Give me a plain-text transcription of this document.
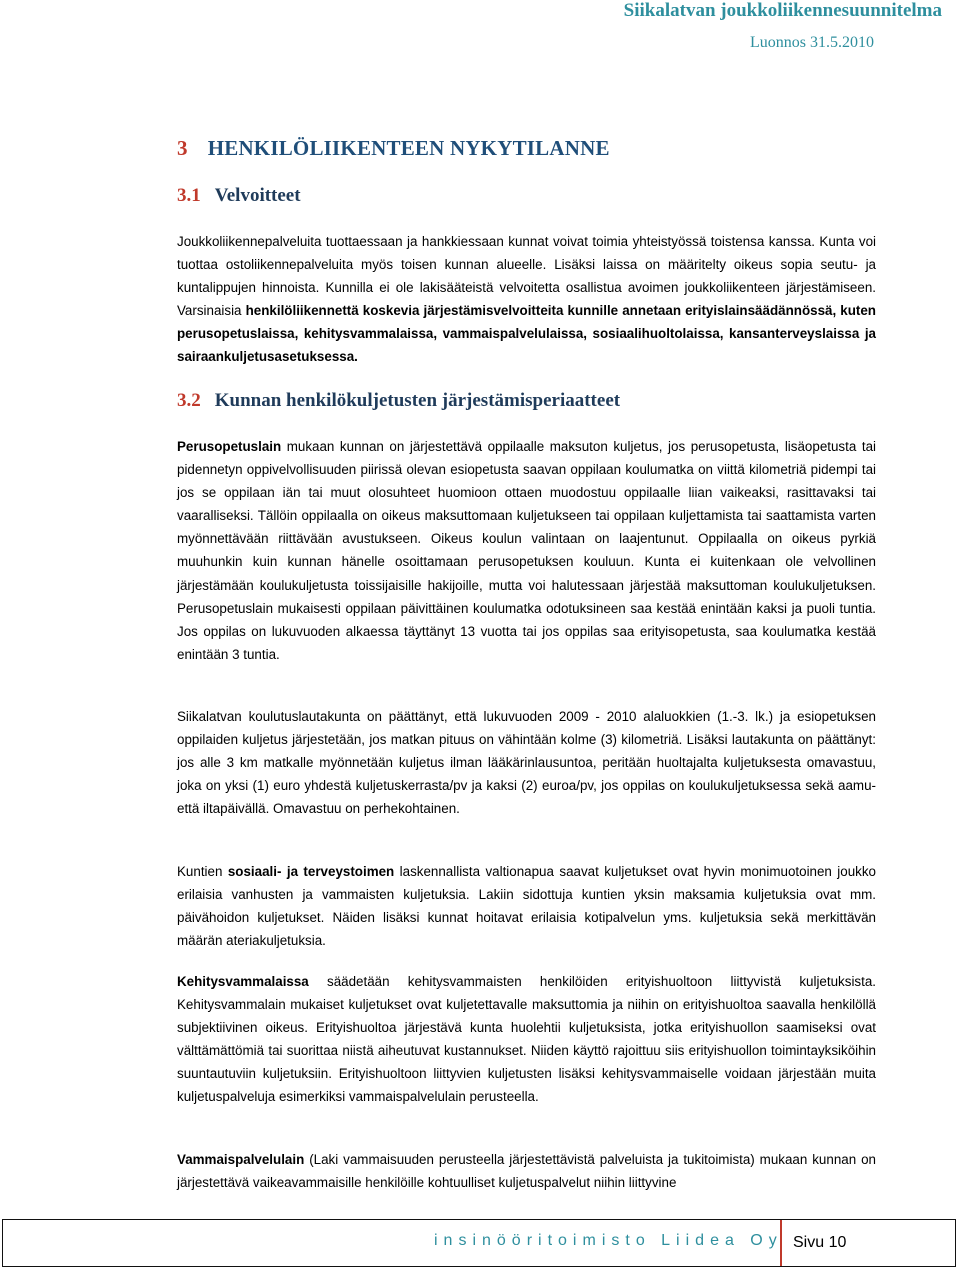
Siikalatvan joukkoliikennesuunnitelma
Luonnos 31.5.2010
3 HENKILÖLIIKENTEEN NYKYTILANNE
3.1 Velvoitteet
Joukkoliikennepalveluita tuottaessaan ja hankkiessaan kunnat voivat toimia yhteistyössä toistensa kanssa. Kunta voi tuottaa ostoliikennepalveluita myös toisen kunnan alueelle. Lisäksi laissa on määritelty oikeus sopia seutu- ja kuntalippujen hinnoista. Kunnilla ei ole lakisääteistä velvoitetta osallistua avoimen joukkoliikenteen järjestämiseen. Varsinaisia henkilöliikennettä koskevia järjestämisvelvoitteita kunnille annetaan erityislainsäädännössä, kuten perusopetuslaissa, kehitysvammalaissa, vammaispalvelulaissa, sosiaalihuoltolaissa, kansanterveyslaissa ja sairaankuljetusasetuksessa.
3.2 Kunnan henkilökuljetusten järjestämisperiaatteet
Perusopetuslain mukaan kunnan on järjestettävä oppilaalle maksuton kuljetus, jos perusopetusta, lisäopetusta tai pidennetyn oppivelvollisuuden piirissä olevan esiopetusta saavan oppilaan koulumatka on viittä kilometriä pidempi tai jos se oppilaan iän tai muut olosuhteet huomioon ottaen muodostuu oppilaalle liian vaikeaksi, rasittavaksi tai vaaralliseksi. Tällöin oppilaalla on oikeus maksuttomaan kuljetukseen tai oppilaan kuljettamista tai saattamista varten myönnettävään riittävään avustukseen. Oikeus koulun valintaan on laajentunut. Oppilaalla on oikeus pyrkiä muuhunkin kuin kunnan hänelle osoittamaan perusopetuksen kouluun. Kunta ei kuitenkaan ole velvollinen järjestämään koulukuljetusta toissijaisille hakijoille, mutta voi halutessaan järjestää maksuttoman koulukuljetuksen. Perusopetuslain mukaisesti oppilaan päivittäinen koulumatka odotuksineen saa kestää enintään kaksi ja puoli tuntia. Jos oppilas on lukuvuoden alkaessa täyttänyt 13 vuotta tai jos oppilas saa erityisopetusta, saa koulumatka kestää enintään 3 tuntia.
Siikalatvan koulutuslautakunta on päättänyt, että lukuvuoden 2009 - 2010 alaluokkien (1.-3. lk.) ja esiopetuksen oppilaiden kuljetus järjestetään, jos matkan pituus on vähintään kolme (3) kilometriä. Lisäksi lautakunta on päättänyt: jos alle 3 km matkalle myönnetään kuljetus ilman lääkärinlausuntoa, peritään huoltajalta kuljetuksesta omavastuu, joka on yksi (1) euro yhdestä kuljetuskerrasta/pv ja kaksi (2) euroa/pv, jos oppilas on koulukuljetuksessa sekä aamu- että iltapäivällä. Omavastuu on perhekohtainen.
Kuntien sosiaali- ja terveystoimen laskennallista valtionapua saavat kuljetukset ovat hyvin monimuotoinen joukko erilaisia vanhusten ja vammaisten kuljetuksia. Lakiin sidottuja kuntien yksin maksamia kuljetuksia ovat mm. päivähoidon kuljetukset. Näiden lisäksi kunnat hoitavat erilaisia kotipalvelun yms. kuljetuksia sekä merkittävän määrän ateriakuljetuksia.
Kehitysvammalaissa säädetään kehitysvammaisten henkilöiden erityishuoltoon liittyvistä kuljetuksista. Kehitysvammalain mukaiset kuljetukset ovat kuljetettavalle maksuttomia ja niihin on erityishuoltoa saavalla henkilöllä subjektiivinen oikeus. Erityishuoltoa järjestävä kunta huolehtii kuljetuksista, jotka erityishuollon saamiseksi ovat välttämättömiä tai suorittaa niistä aiheutuvat kustannukset. Niiden käyttö rajoittuu siis erityishuollon toimintayksiköihin suuntautuviin kuljetuksiin. Erityishuoltoon liittyvien kuljetusten lisäksi kehitysvammaiselle voidaan järjestään muita kuljetuspalveluja esimerkiksi vammaispalvelulain perusteella.
Vammaispalvelulain (Laki vammaisuuden perusteella järjestettävistä palveluista ja tukitoimista) mukaan kunnan on järjestettävä vaikeavammaisille henkilöille kohtuulliset kuljetuspalvelut niihin liittyvine
insinööritoimisto Liidea Oy Sivu 10
